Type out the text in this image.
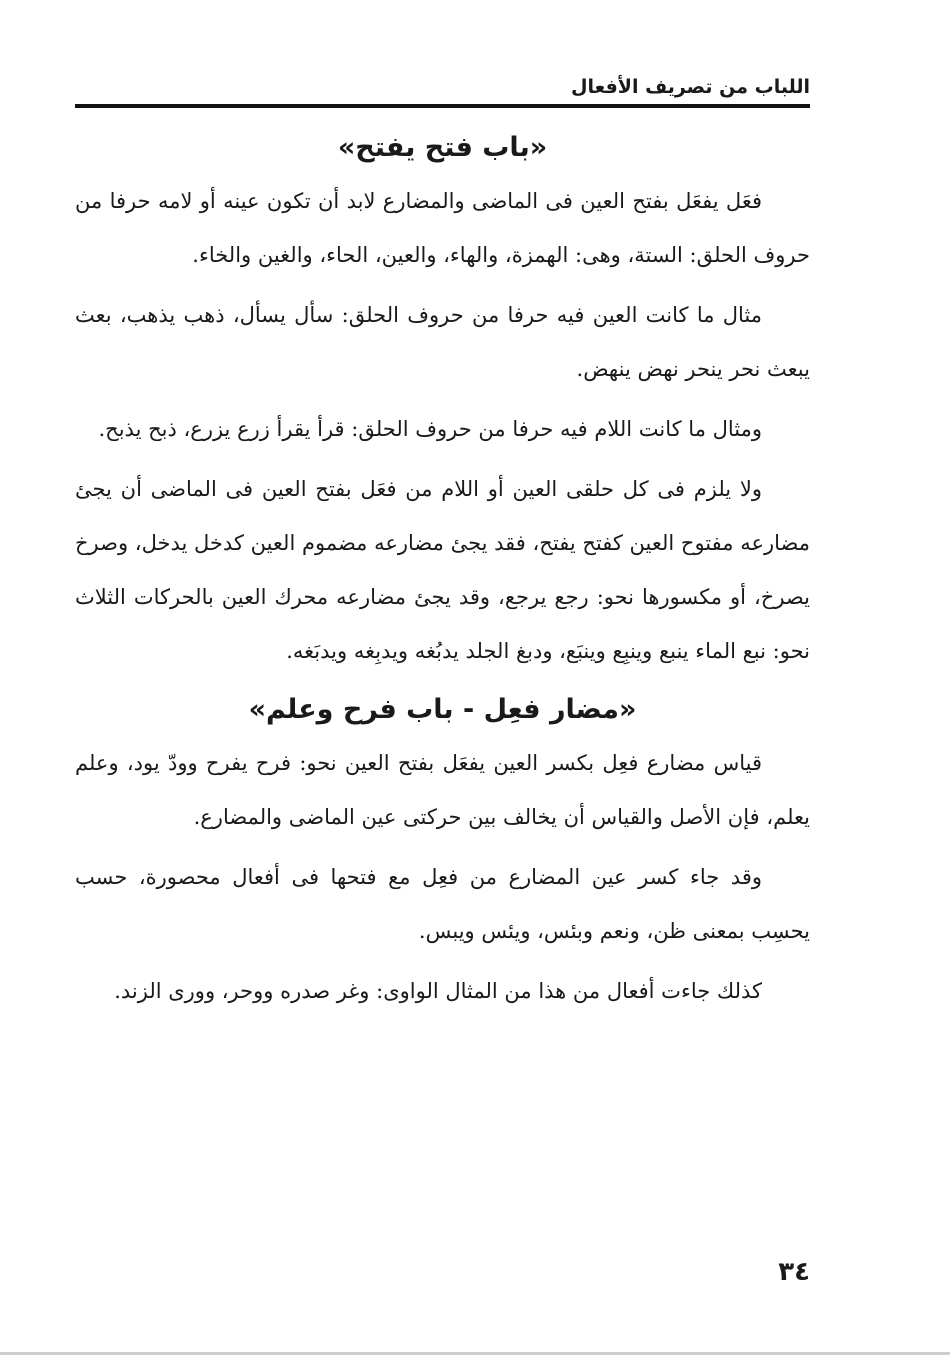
اللباب من تصريف الأفعال
«باب فتح يفتح»

فعَل يفعَل بفتح العين فى الماضى والمضارع لابد أن تكون عينه أو لامه حرفا من حروف الحلق: الستة، وهى: الهمزة، والهاء، والعين، الحاء، والغين والخاء.

مثال ما كانت العين فيه حرفا من حروف الحلق: سأل يسأل، ذهب يذهب، بعث يبعث نحر ينحر نهض ينهض.

ومثال ما كانت اللام فيه حرفا من حروف الحلق: قرأ يقرأ زرع يزرع، ذبح يذبح.

ولا يلزم فى كل حلقى العين أو اللام من فعَل بفتح العين فى الماضى أن يجئ مضارعه مفتوح العين كفتح يفتح، فقد يجئ مضارعه مضموم العين كدخل يدخل، وصرخ يصرخ، أو مكسورها نحو: رجع يرجع، وقد يجئ مضارعه محرك العين بالحركات الثلاث نحو: نبع الماء ينبع وينبِع وينبَع، ودبغ الجلد يدبُغه ويدبِغه ويدبَغه.

«مضار فعِل - باب فرح وعلم»

قياس مضارع فعِل بكسر العين يفعَل بفتح العين نحو: فرح يفرح وودّ يود، وعلم يعلم، فإن الأصل والقياس أن يخالف بين حركتى عين الماضى والمضارع.

وقد جاء كسر عين المضارع من فعِل مع فتحها فى أفعال محصورة، حسب يحسِب بمعنى ظن، ونعم وبئس، ويئس ويبس.

كذلك جاءت أفعال من هذا من المثال الواوى: وغر صدره ووحر، وورى الزند.

٣٤
